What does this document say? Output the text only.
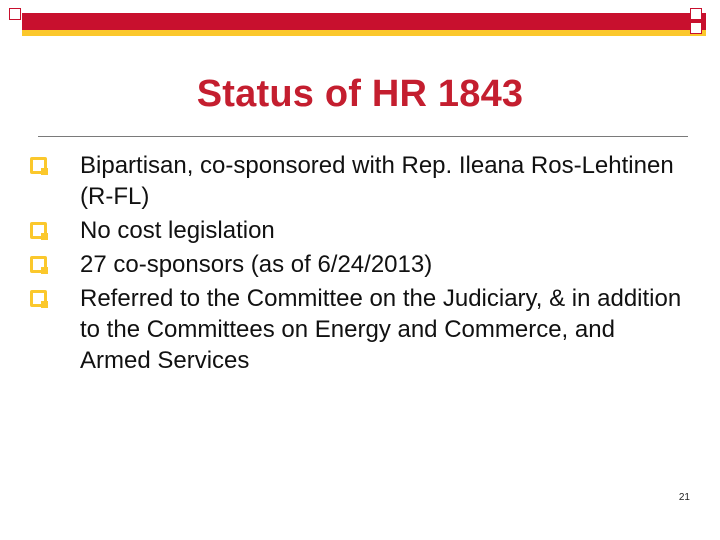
Status of HR 1843
Bipartisan, co-sponsored with Rep. Ileana Ros-Lehtinen (R-FL)
No cost legislation
27 co-sponsors (as of 6/24/2013)
Referred to the Committee on the Judiciary, & in addition to the Committees on Energy and Commerce, and Armed Services
21
